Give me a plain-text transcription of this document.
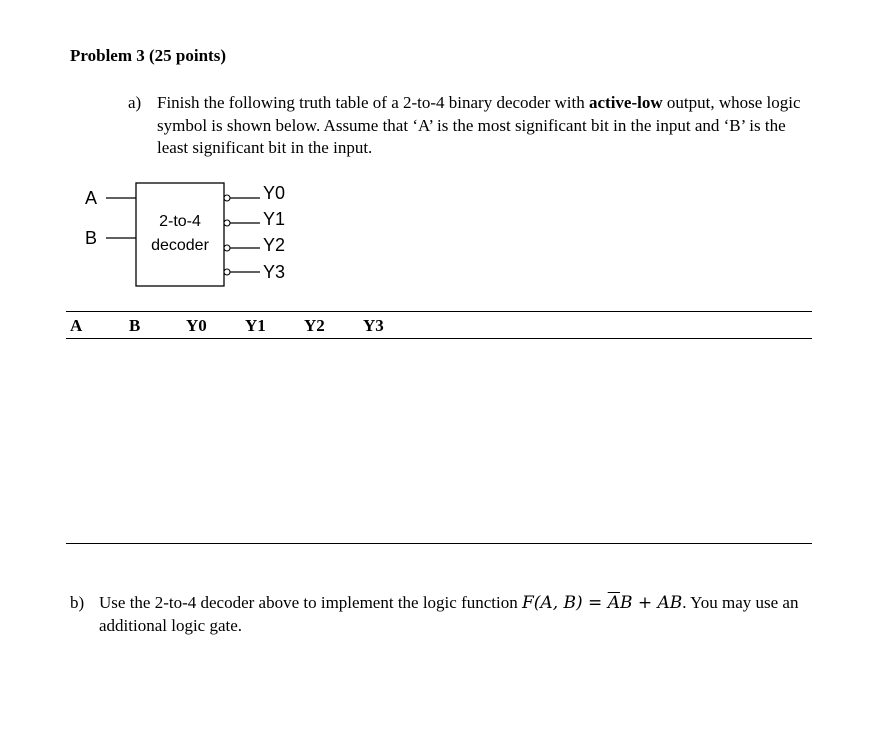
Problem 3 (25 points)
a) Finish the following truth table of a 2-to-4 binary decoder with active-low output, whose logic symbol is shown below. Assume that ‘A’ is the most significant bit in the input and ‘B’ is the least significant bit in the input.
A
B
2-to-4
decoder
Y0
Y1
Y2
Y3
A	B	Y0 Y1 Y2 Y3
b) Use the 2-to-4 decoder above to implement the logic function F(A, $B) = \overline{A}B$ + AB. You may use an additional logic gate.
